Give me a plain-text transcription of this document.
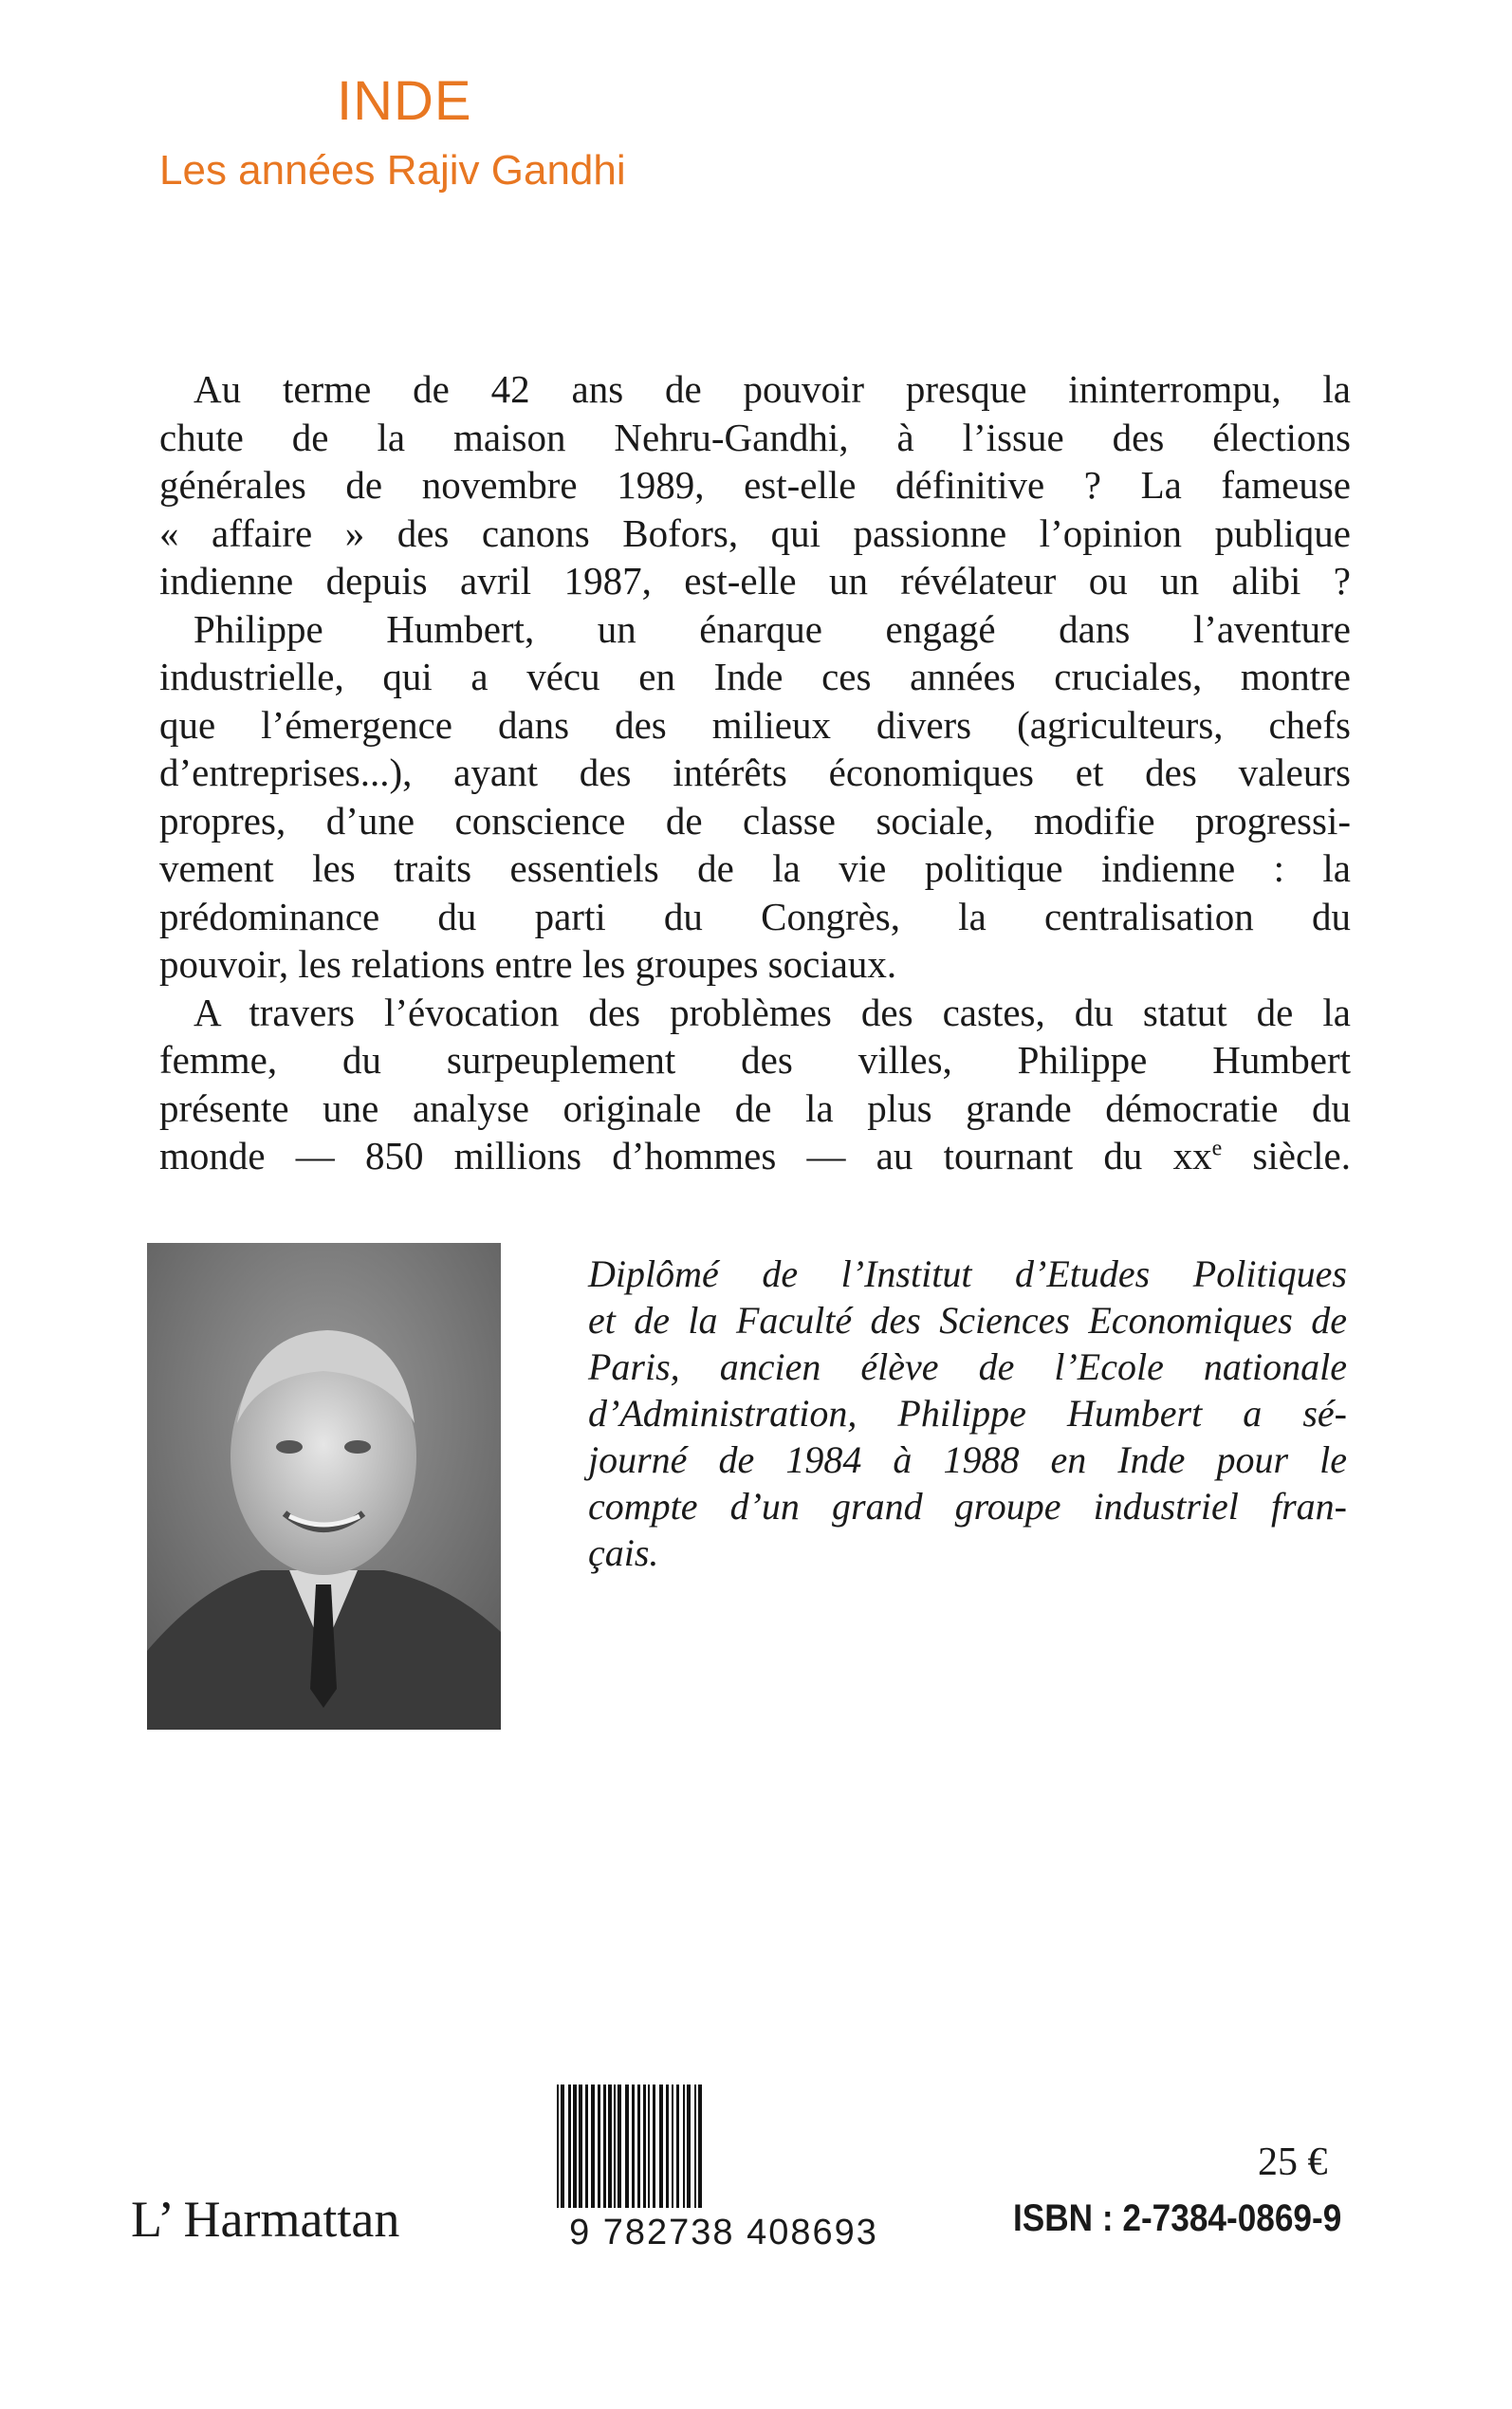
INDE
Les années Rajiv Gandhi

Au terme de 42 ans de pouvoir presque ininterrompu, la

chute de la maison Nehru-Gandhi, à l’issue des élections

générales de novembre 1989, est-elle définitive ? La fameuse

« affaire » des canons Bofors, qui passionne l’opinion publique

indienne depuis avril 1987, est-elle un révélateur ou un alibi ?

Philippe Humbert, un énarque engagé dans l’aventure

industrielle, qui a vécu en Inde ces années cruciales, montre

que l’émergence dans des milieux divers (agriculteurs, chefs

d’entreprises...), ayant des intérêts économiques et des valeurs

propres, d’une conscience de classe sociale, modifie progressi-

vement les traits essentiels de la vie politique indienne : la

prédominance du parti du Congrès, la centralisation du

pouvoir, les relations entre les groupes sociaux.

A travers l’évocation des problèmes des castes, du statut de la

femme, du surpeuplement des villes, Philippe Humbert

présente une analyse originale de la plus grande démocratie du

monde — 850 millions d’hommes — au tournant du $xx^e$ siècle.

Diplômé de l’Institut d’Etudes Politiques

et de la Faculté des Sciences Economiques de

Paris, ancien élève de l’Ecole nationale

d’Administration, Philippe Humbert a sé-

journé de 1984 à 1988 en Inde pour le

compte d’un grand groupe industriel fran-

çais.

L’ Harmattan	9 782738 408693
25 €
ISBN : 2-7384-0869-9
